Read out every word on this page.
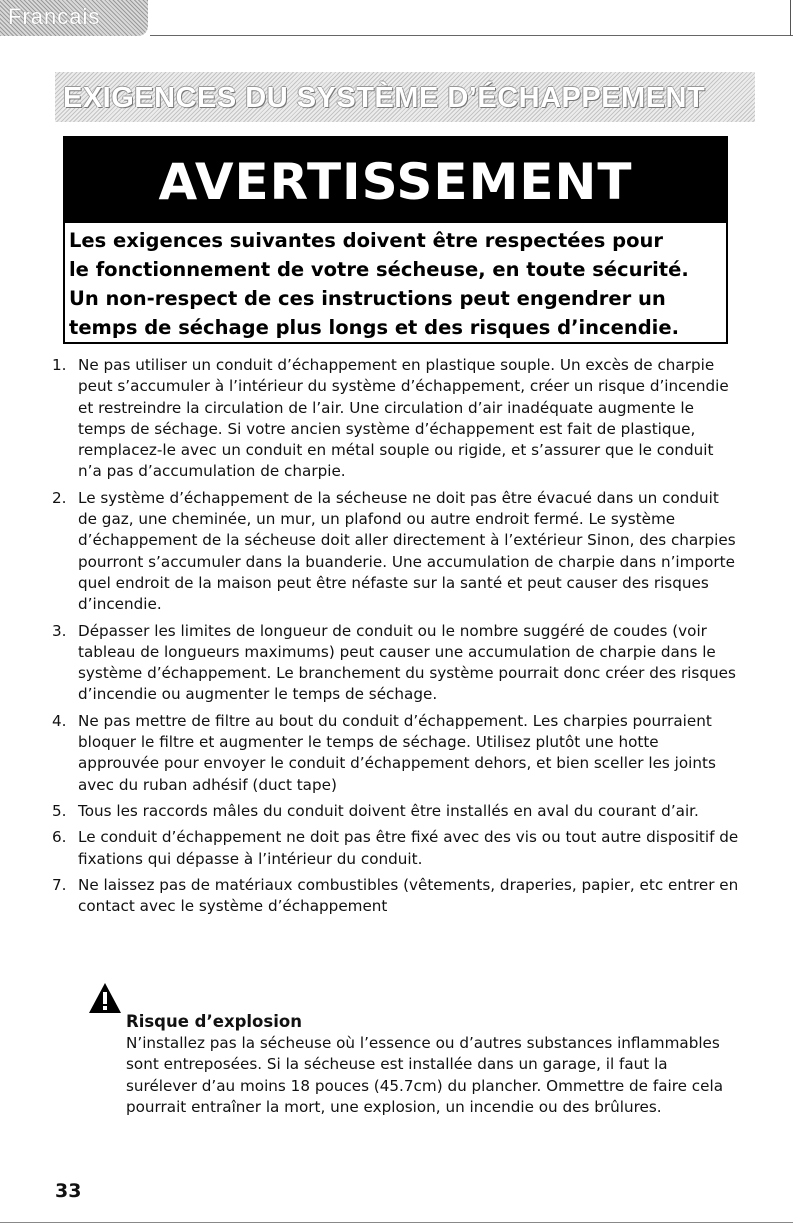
Francais
EXIGENCES DU SYSTÈME D’ÉCHAPPEMENT
AVERTISSEMENT
Les exigences suivantes doivent être respectées pour
le fonctionnement de votre sécheuse, en toute sécurité.
Un non-respect de ces instructions peut engendrer un
temps de séchage plus longs et des risques d’incendie.
1. Ne pas utiliser un conduit d’échappement en plastique souple. Un excès de charpie peut s’accumuler à l’intérieur du système d’échappement, créer un risque d’incendie et restreindre la circulation de l’air. Une circulation d’air inadéquate augmente le temps de séchage. Si votre ancien système d’échappement est fait de plastique, remplacez-le avec un conduit en métal souple ou rigide, et s’assurer que le conduit n’a pas d’accumulation de charpie.
2. Le système d’échappement de la sécheuse ne doit pas être évacué dans un conduit de gaz, une cheminée, un mur, un plafond ou autre endroit fermé. Le système d’échappement de la sécheuse doit aller directement à l’extérieur Sinon, des charpies pourront s’accumuler dans la buanderie. Une accumulation de charpie dans n’importe quel endroit de la maison peut être néfaste sur la santé et peut causer des risques d’incendie.
3. Dépasser les limites de longueur de conduit ou le nombre suggéré de coudes (voir tableau de longueurs maximums) peut causer une accumulation de charpie dans le système d’échappement. Le branchement du système pourrait donc créer des risques d’incendie ou augmenter le temps de séchage.
4. Ne pas mettre de filtre au bout du conduit d’échappement. Les charpies pourraient bloquer le filtre et augmenter le temps de séchage. Utilisez plutôt une hotte approuvée pour envoyer le conduit d’échappement dehors, et bien sceller les joints avec du ruban adhésif (duct tape)
5. Tous les raccords mâles du conduit doivent être installés en aval du courant d’air.
6. Le conduit d’échappement ne doit pas être fixé avec des vis ou tout autre dispositif de fixations qui dépasse à l’intérieur du conduit.
7. Ne laissez pas de matériaux combustibles (vêtements, draperies, papier, etc entrer en contact avec le système d’échappement
Risque d’explosion
N’installez pas la sécheuse où l’essence ou d’autres substances inflammables sont entreposées. Si la sécheuse est installée dans un garage, il faut la surélever d’au moins 18 pouces (45.7cm) du plancher. Ommettre de faire cela pourrait entraîner la mort, une explosion, un incendie ou des brûlures.
33
